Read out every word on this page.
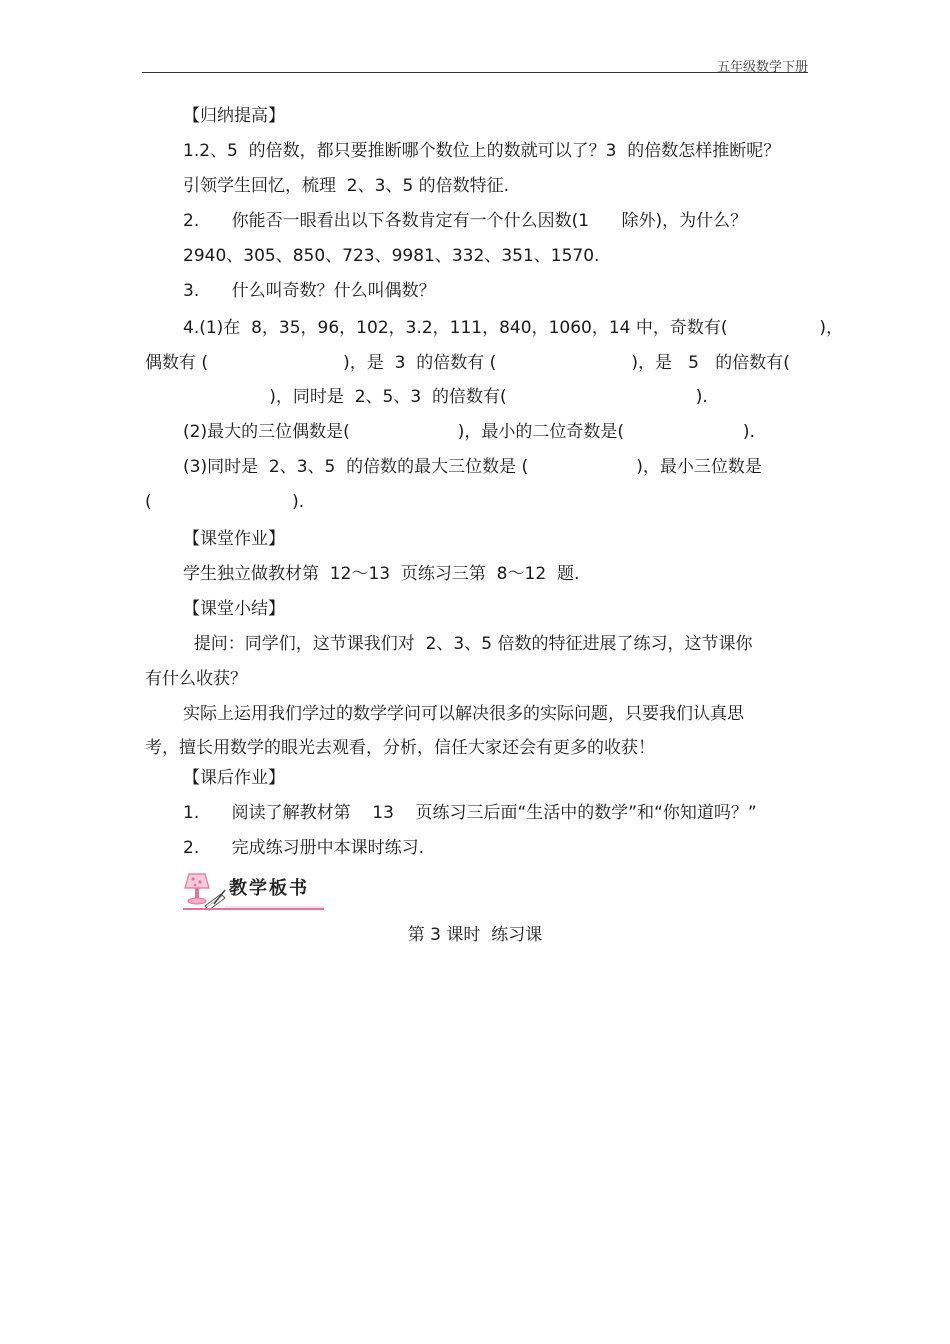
五年级数学下册
【归纳提高】
1.2、5  的倍数，都只要推断哪个数位上的数就可以了？3  的倍数怎样推断呢？
引领学生回忆，梳理  2、3、5 的倍数特征.
2.      你能否一眼看出以下各数肯定有一个什么因数(1      除外)，为什么？
2940、305、850、723、9981、332、351、1570.
3.      什么叫奇数？什么叫偶数？
4.(1)在  8，35，96，102，3.2，111，840，1060，14 中，奇数有(                 )，
偶数有 (                         )，是  3  的倍数有 (                         )，是   5   的倍数有(
)，同时是  2、5、3  的倍数有(                                   ).
(2)最大的三位偶数是(                    )，最小的二位奇数是(                      ).
(3)同时是  2、3、5  的倍数的最大三位数是 (                    )，最小三位数是
(                          ).
【课堂作业】
学生独立做教材第  12～13  页练习三第  8～12  题.
【课堂小结】
提问：同学们，这节课我们对  2、3、5 倍数的特征进展了练习，这节课你
有什么收获？
实际上运用我们学过的数学学问可以解决很多的实际问题，只要我们认真思
考，擅长用数学的眼光去观看，分析，信任大家还会有更多的收获！
【课后作业】
1.      阅读了解教材第    13    页练习三后面“生活中的数学”和“你知道吗？”
2.      完成练习册中本课时练习.
教学板书
第 3 课时  练习课
